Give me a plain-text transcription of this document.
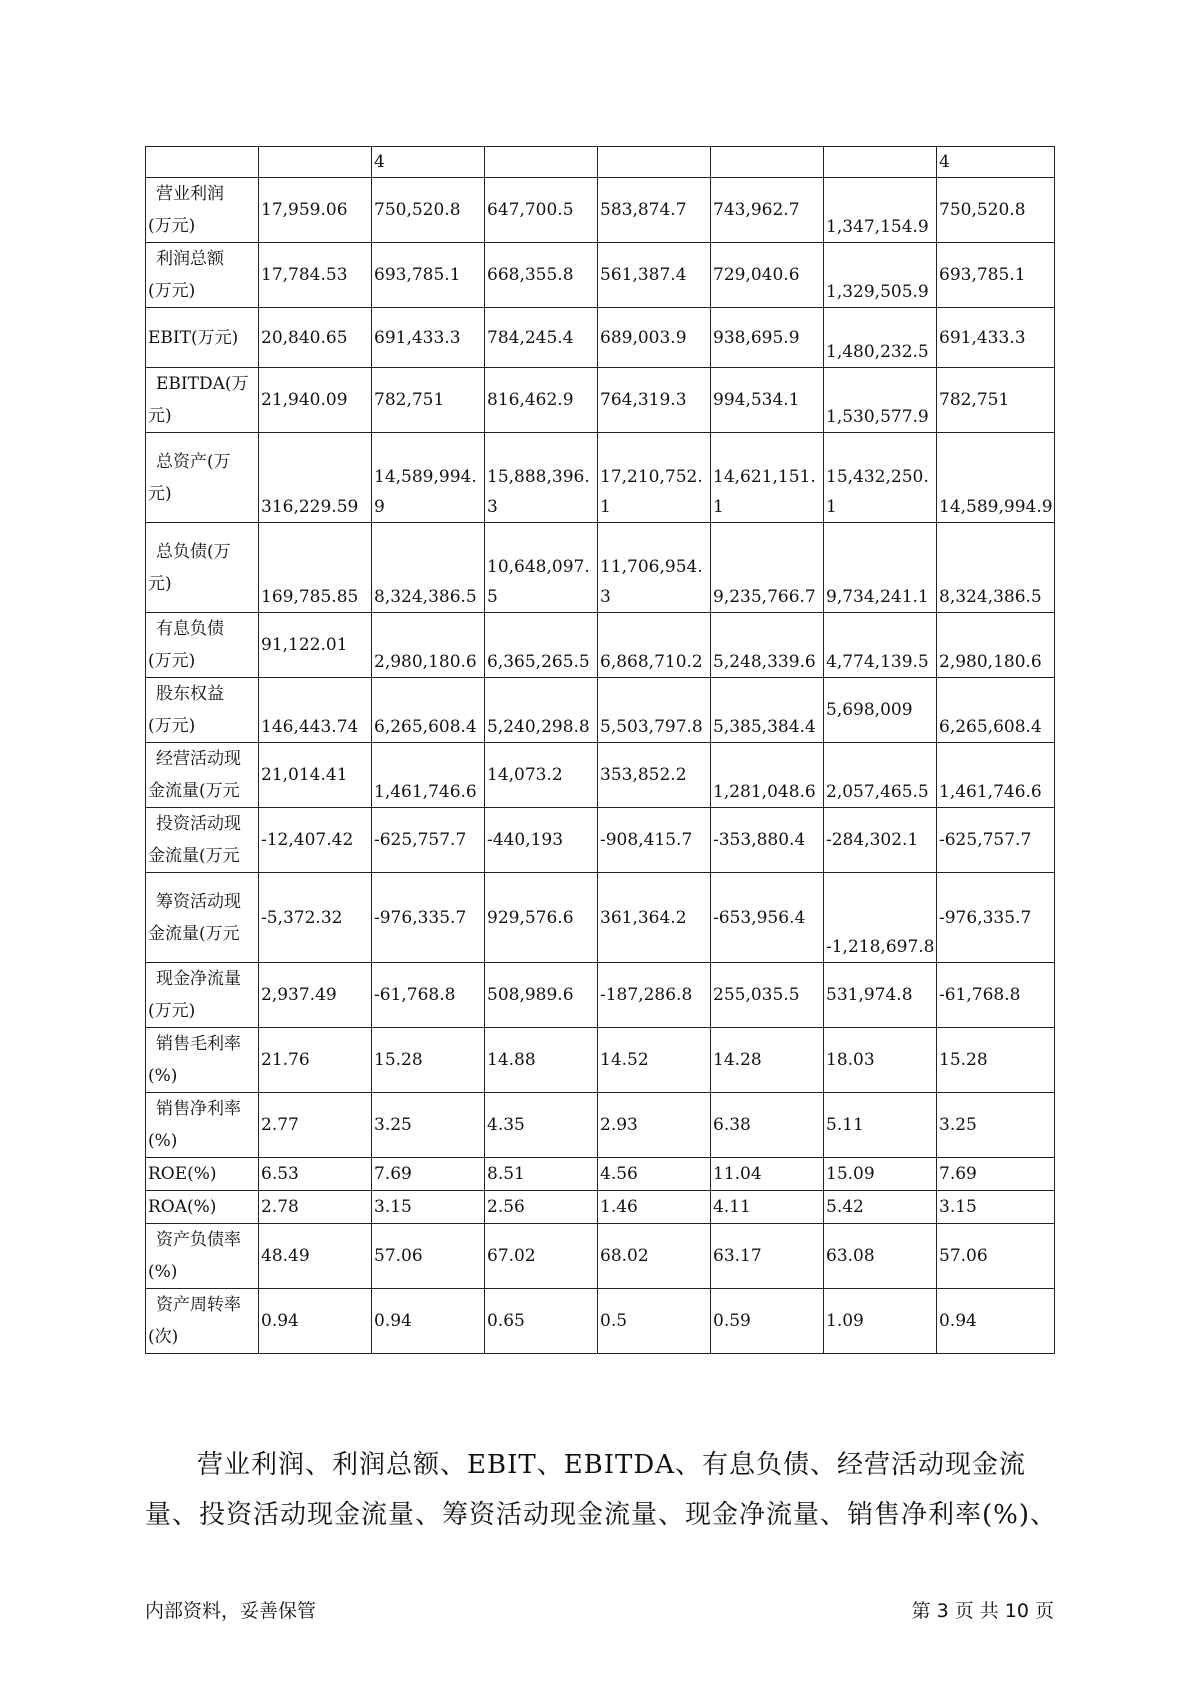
		4					4

营业利润
(万元)	17,959.06	750,520.8	647,700.5	583,874.7	743,962.7	1,347,154.9	750,520.8

利润总额
(万元)	17,784.53	693,785.1	668,355.8	561,387.4	729,040.6	1,329,505.9	693,785.1

EBIT(万元)	20,840.65	691,433.3	784,245.4	689,003.9	938,695.9	1,480,232.5	691,433.3

EBITDA(万
元)	21,940.09	782,751	816,462.9	764,319.3	994,534.1	1,530,577.9	782,751

总资产(万
元)	316,229.59	14,589,994.9	15,888,396.3	17,210,752.1	14,621,151.1	15,432,250.1	14,589,994.9

总负债(万
元)	169,785.85	8,324,386.5	10,648,097.5	11,706,954.3	9,235,766.7	9,734,241.1	8,324,386.5

有息负债
(万元)	91,122.01	2,980,180.6	6,365,265.5	6,868,710.2	5,248,339.6	4,774,139.5	2,980,180.6

股东权益
(万元)	146,443.74	6,265,608.4	5,240,298.8	5,503,797.8	5,385,384.4	5,698,009	6,265,608.4

经营活动现
金流量(万元	21,014.41	1,461,746.6	14,073.2	353,852.2	1,281,048.6	2,057,465.5	1,461,746.6

投资活动现
金流量(万元	-12,407.42	-625,757.7	-440,193	-908,415.7	-353,880.4	-284,302.1	-625,757.7

筹资活动现
金流量(万元	-5,372.32	-976,335.7	929,576.6	361,364.2	-653,956.4	-1,218,697.8	-976,335.7

现金净流量
(万元)	2,937.49	-61,768.8	508,989.6	-187,286.8	255,035.5	531,974.8	-61,768.8

销售毛利率
(%)	21.76	15.28	14.88	14.52	14.28	18.03	15.28

销售净利率
(%)	2.77	3.25	4.35	2.93	6.38	5.11	3.25

ROE(%)	6.53	7.69	8.51	4.56	11.04	15.09	7.69

ROA(%)	2.78	3.15	2.56	1.46	4.11	5.42	3.15

资产负债率
(%)	48.49	57.06	67.02	68.02	63.17	63.08	57.06

资产周转率
(次)	0.94	0.94	0.65	0.5	0.59	1.09	0.94

营业利润、利润总额、EBIT、EBITDA、有息负债、经营活动现金流量、投资活动现金流量、筹资活动现金流量、现金净流量、销售净利率(%)、

内部资料，妥善保管	第 3 页 共 10 页
